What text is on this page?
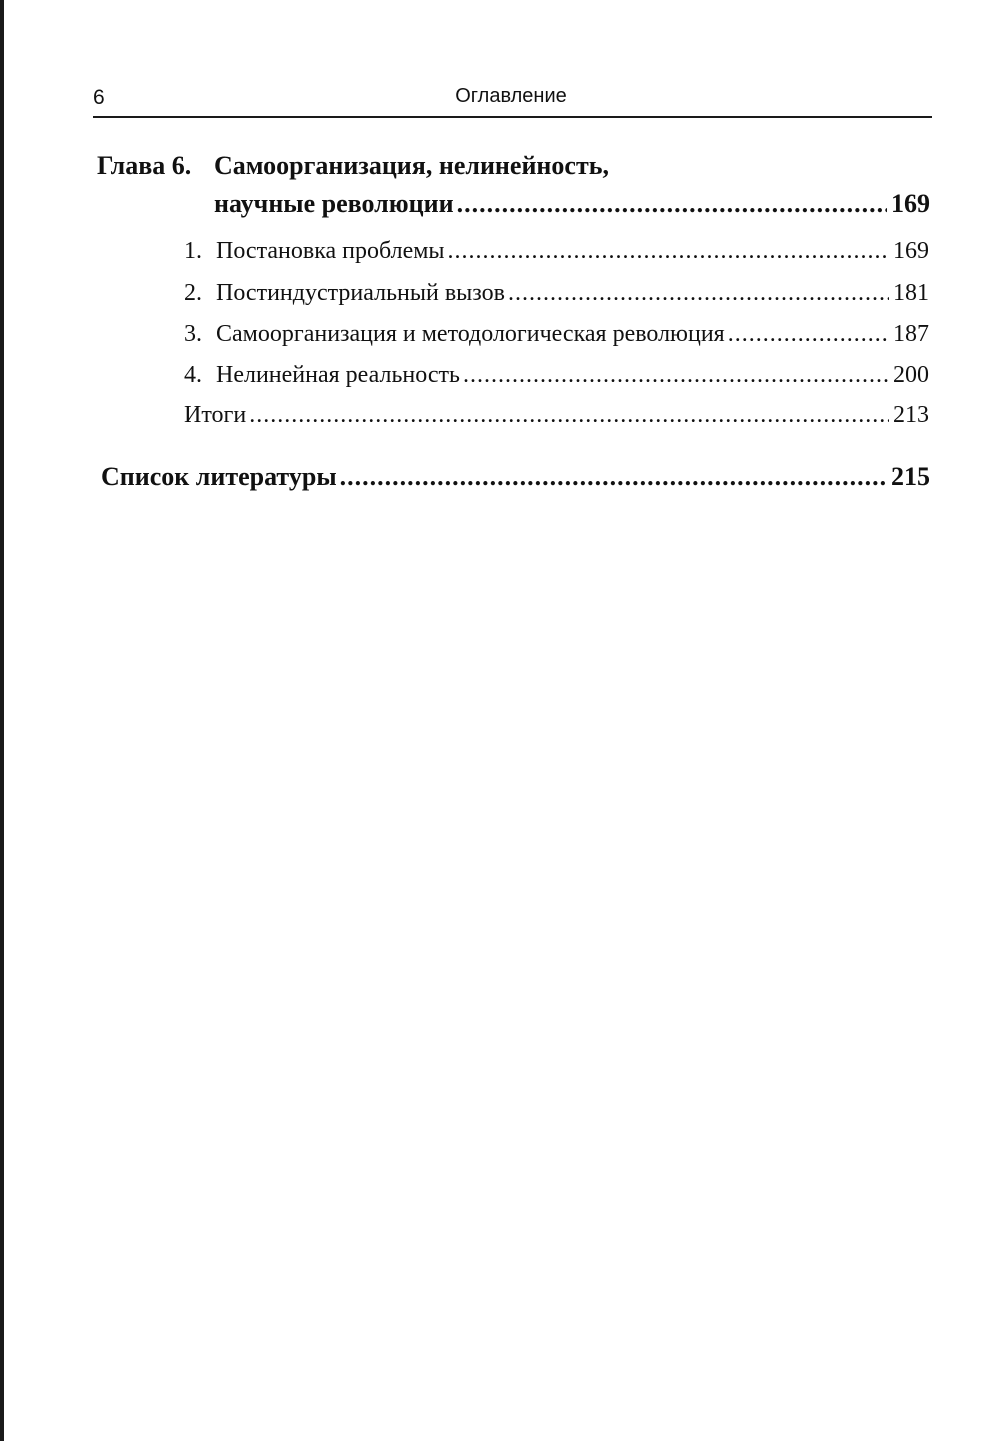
6	Оглавление
Глава 6. Самоорганизация, нелинейность,
научные революции .....	169
1. Постановка проблемы .....	169
2. Постиндустриальный вызов .....	181
3. Самоорганизация и методологическая революция .....	187
4. Нелинейная реальность .....	200
Итоги .....	213
Список литературы .....	215
